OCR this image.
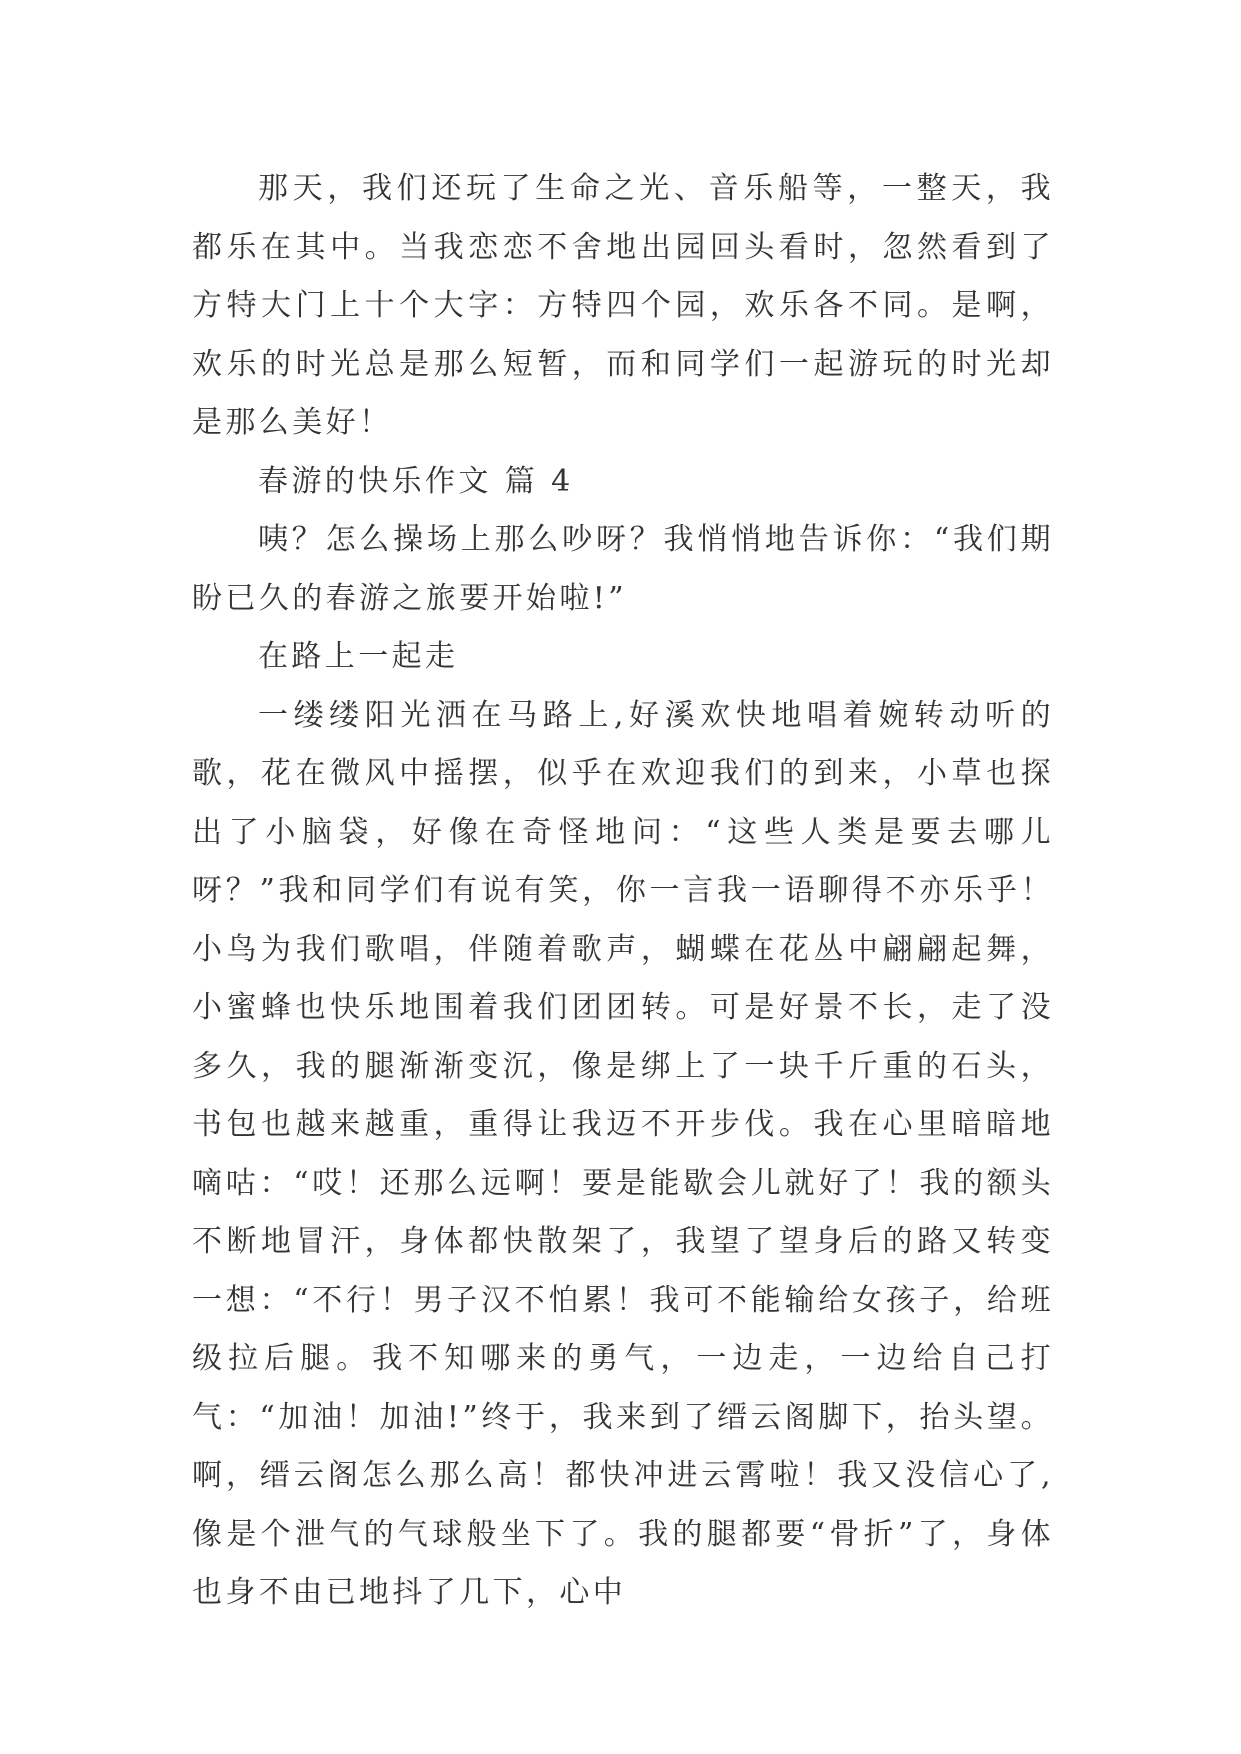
那天，我们还玩了生命之光、音乐船等，一整天，我都乐在其中。当我恋恋不舍地出园回头看时，忽然看到了方特大门上十个大字：方特四个园，欢乐各不同。是啊，欢乐的时光总是那么短暂，而和同学们一起游玩的时光却是那么美好！

春游的快乐作文 篇 4

咦？怎么操场上那么吵呀？我悄悄地告诉你：“我们期盼已久的春游之旅要开始啦!”

在路上一起走

一缕缕阳光洒在马路上,好溪欢快地唱着婉转动听的歌，花在微风中摇摆，似乎在欢迎我们的到来，小草也探出了小脑袋，好像在奇怪地问：“这些人类是要去哪儿呀？”我和同学们有说有笑，你一言我一语聊得不亦乐乎！小鸟为我们歌唱，伴随着歌声，蝴蝶在花丛中翩翩起舞，小蜜蜂也快乐地围着我们团团转。可是好景不长，走了没多久，我的腿渐渐变沉，像是绑上了一块千斤重的石头，书包也越来越重，重得让我迈不开步伐。我在心里暗暗地嘀咕：“哎！还那么远啊！要是能歇会儿就好了！我的额头不断地冒汗，身体都快散架了，我望了望身后的路又转变一想：“不行！男子汉不怕累！我可不能输给女孩子，给班级拉后腿。我不知哪来的勇气，一边走，一边给自己打气：“加油！加油!”终于，我来到了缙云阁脚下，抬头望。啊，缙云阁怎么那么高！都快冲进云霄啦！我又没信心了,像是个泄气的气球般坐下了。我的腿都要“骨折”了，身体也身不由已地抖了几下，心中
